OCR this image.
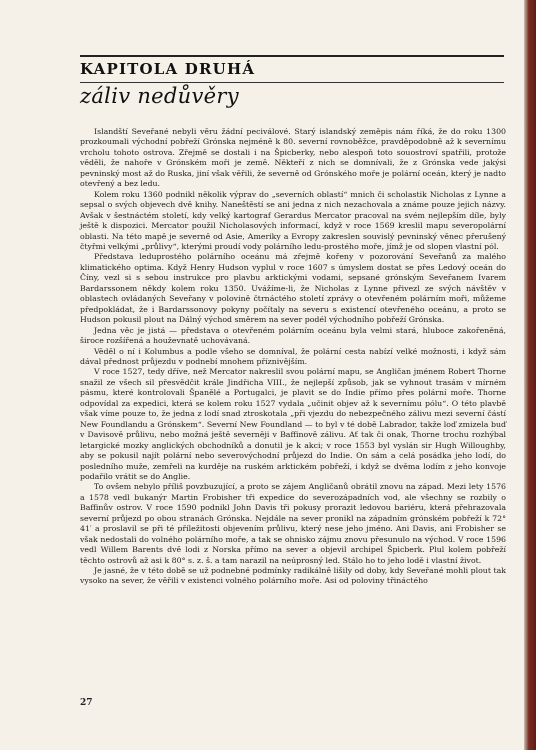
KAPITOLA DRUHÁ
záliv nedůvěry

Islandští Seveřané nebyli věru žádní peciválové. Starý islandský zeměpis nám říká, že do roku 1300 prozkoumali východní pobřeží Grónska nejméně k 80. severní rovnoběžce, pravděpodobně až k severnímu vrcholu tohoto ostrova. Zřejmě se dostali i na Špicberky, nebo alespoň toto souostroví spatřili, protože věděli, že nahoře v Grónském moři je země. Někteří z nich se domnívali, že z Grónska vede jakýsi pevninský most až do Ruska, jiní však věřili, že severně od Grónského moře je polární oceán, který je nadto otevřený a bez ledu.

Kolem roku 1360 podnikl několik výprav do „severních oblastí“ mnich či scholastik Nicholas z Lynne a sepsal o svých objevech dvě knihy. Naneštěstí se ani jedna z nich nezachovala a známe pouze jejich názvy. Avšak v šestnáctém století, kdy velký kartograf Gerardus Mercator pracoval na svém nejlepším díle, byly ještě k dispozici. Mercator použil Nicholasových informací, když v roce 1569 kreslil mapu severopolární oblasti. Na této mapě je severně od Asie, Ameriky a Evropy zakreslen souvislý pevninský věnec přerušený čtyřmi velkými „průlivy“, kterými proudí vody polárního ledu-prostého moře, jímž je od slopen vlastní pól.

Představa leduprostého polárního oceánu má zřejmě kořeny v pozorování Seveřanů za malého klimatického optima. Když Henry Hudson vyplul v roce 1607 s úmyslem dostat se přes Ledový oceán do Číny, vezl si s sebou instrukce pro plavbu arktickými vodami, sepsané grónským Seveřanem Ivarem Bardarssonem někdy kolem roku 1350. Uvážíme-li, že Nicholas z Lynne přivezl ze svých návštěv v oblastech ovládaných Seveřany v polovině čtrnáctého století zprávy o otevřeném polárním moři, můžeme předpokládat, že i Bardarssonovy pokyny počítaly na severu s existencí otevřeného oceánu, a proto se Hudson pokusil plout na Dálný východ směrem na sever podél východního pobřeží Grónska.

Jedna věc je jistá — představa o otevřeném polárním oceánu byla velmi stará, hluboce zakořeněná, široce rozšířená a houževnatě uchovávaná.

Věděl o ní i Kolumbus a podle všeho se domníval, že polární cesta nabízí velké možnosti, i když sám dával přednost průjezdu v podnebí mnohem příznivějším.

V roce 1527, tedy dříve, než Mercator nakreslil svou polární mapu, se Angličan jménem Robert Thorne snažil ze všech sil přesvědčit krále Jindřicha VIII., že nejlepší způsob, jak se vyhnout trasám v mírném pásmu, které kontrolovali Španělé a Portugalci, je plavit se do Indie přímo přes polární moře. Thorne odpovídal za expedici, která se kolem roku 1527 vydala „učinit objev až k severnímu pólu“. O této plavbě však víme pouze to, že jedna z lodí snad ztroskotala „při vjezdu do nebezpečného zálivu mezi severní částí New Foundlandu a Grónskem“. Severní New Foundland — to byl v té době Labrador, takže loď zmizela buď v Davisově průlivu, nebo možná ještě severněji v Baffinově zálivu. Ať tak či onak, Thorne trochu rozhýbal letargické mozky anglických obchodníků a donutil je k akci; v roce 1553 byl vyslán sir Hugh Willoughby, aby se pokusil najít polární nebo severovýchodní průjezd do Indie. On sám a celá posádka jeho lodí, do posledního muže, zemřeli na kurděje na ruském arktickém pobřeží, i když se dvěma lodím z jeho konvoje podařilo vrátit se do Anglie.

To ovšem nebylo příliš povzbuzující, a proto se zájem Angličanů obrátil znovu na západ. Mezi lety 1576 a 1578 vedl bukanýr Martin Frobisher tři expedice do severozápadních vod, ale všechny se rozbily o Baffinův ostrov. V roce 1590 podnikl John Davis tři pokusy prorazit ledovou bariéru, která přehrazovala severní průjezd po obou stranách Grónska. Nejdále na sever pronikl na západním grónském pobřeží k 72° 41′ a proslavil se při té příležitosti objevením průlivu, který nese jeho jméno. Ani Davis, ani Frobisher se však nedostali do volného polárního moře, a tak se ohnisko zájmu znovu přesunulo na východ. V roce 1596 vedl Willem Barents dvě lodi z Norska přímo na sever a objevil archipel Špicberk. Plul kolem pobřeží těchto ostrovů až asi k 80° s. z. š. a tam narazil na neúprosný led. Stálo ho to jeho lodě i vlastní život.

Je jasné, že v této době se už podnebné podmínky radikálně lišily od doby, kdy Seveřané mohli plout tak vysoko na sever, že věřili v existenci volného polárního moře. Asi od poloviny třináctého

27
